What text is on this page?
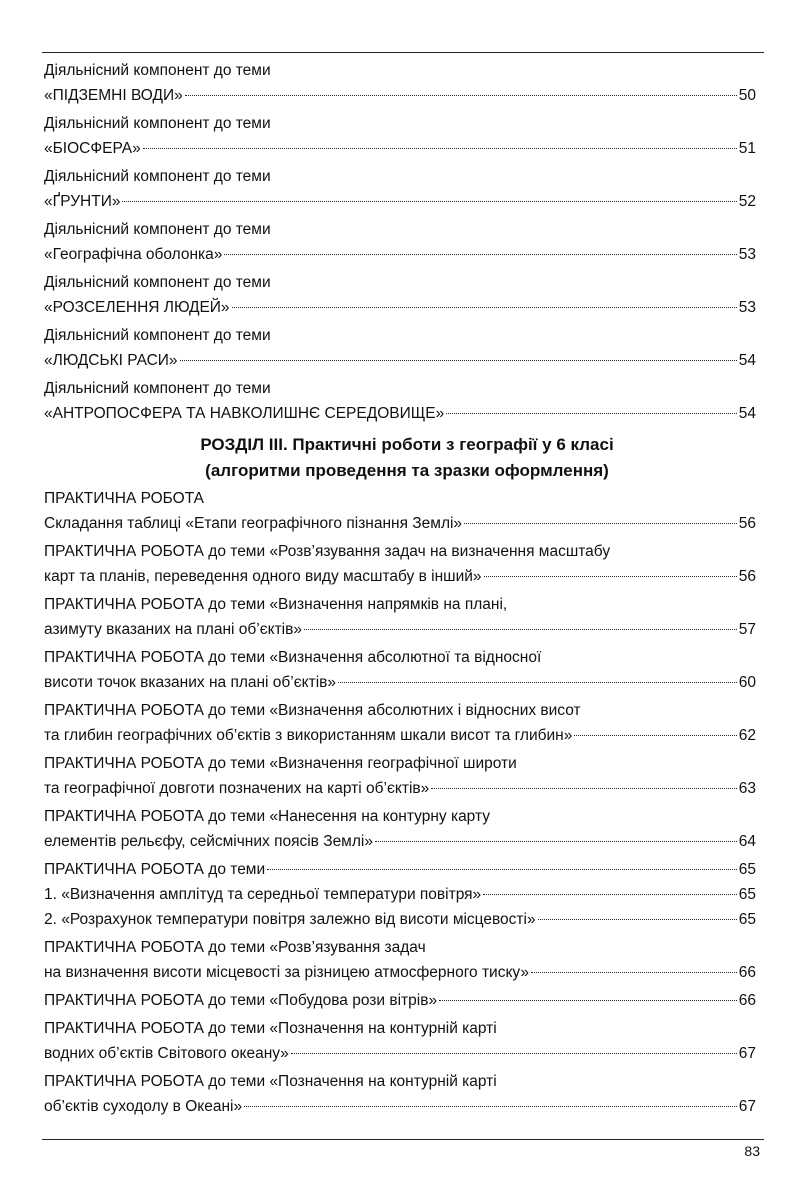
Діяльнісний компонент до теми
«ПІДЗЕМНІ ВОДИ»	50
Діяльнісний компонент до теми
«БІОСФЕРА»	51
Діяльнісний компонент до теми
«ҐРУНТИ»	52
Діяльнісний компонент до теми
«Географічна оболонка»	53
Діяльнісний компонент до теми
«РОЗСЕЛЕННЯ ЛЮДЕЙ»	53
Діяльнісний компонент до теми
«ЛЮДСЬКІ РАСИ»	54
Діяльнісний компонент до теми
«АНТРОПОСФЕРА ТА НАВКОЛИШНЄ СЕРЕДОВИЩЕ»	54
РОЗДІЛ ІІІ. Практичні роботи з географії у 6 класі
(алгоритми проведення та зразки оформлення)
ПРАКТИЧНА РОБОТА
Складання таблиці «Етапи географічного пізнання Землі»	56
ПРАКТИЧНА РОБОТА до теми «Розв’язування задач на визначення масштабу
карт та планів, переведення одного виду масштабу в інший»	56
ПРАКТИЧНА РОБОТА до теми «Визначення напрямків на плані,
азимуту вказаних на плані об’єктів»	57
ПРАКТИЧНА РОБОТА до теми «Визначення абсолютної та відносної
висоти точок вказаних на плані об’єктів»	60
ПРАКТИЧНА РОБОТА до теми «Визначення абсолютних і відносних висот
та глибин географічних об’єктів з використанням шкали висот та глибин»	62
ПРАКТИЧНА РОБОТА до теми «Визначення географічної широти
та географічної довготи позначених на карті об’єктів»	63
ПРАКТИЧНА РОБОТА до теми «Нанесення на контурну карту
елементів рельєфу, сейсмічних поясів Землі»	64
ПРАКТИЧНА РОБОТА до теми	65
1. «Визначення амплітуд та середньої температури повітря»	65
2. «Розрахунок температури повітря залежно від висоти місцевості»	65
ПРАКТИЧНА РОБОТА до теми «Розв’язування задач
на визначення висоти місцевості за різницею атмосферного тиску»	66
ПРАКТИЧНА РОБОТА до теми «Побудова рози вітрів»	66
ПРАКТИЧНА РОБОТА до теми «Позначення на контурній карті
водних об’єктів Світового океану»	67
ПРАКТИЧНА РОБОТА до теми «Позначення на контурній карті
об’єктів суходолу в Океані»	67
83
